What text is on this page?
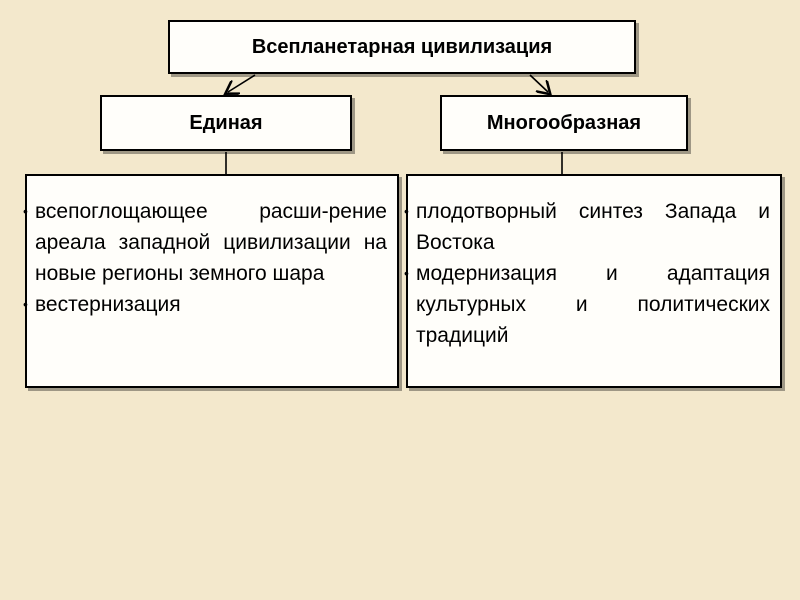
Всепланетарная цивилизация
Единая	Многообразная
• всепоглощающее расши-рение ареала западной цивилизации на новые регионы земного шара
• вестернизация
• плодотворный синтез Запада и Востока
• модернизация и адаптация культурных и политических традиций
